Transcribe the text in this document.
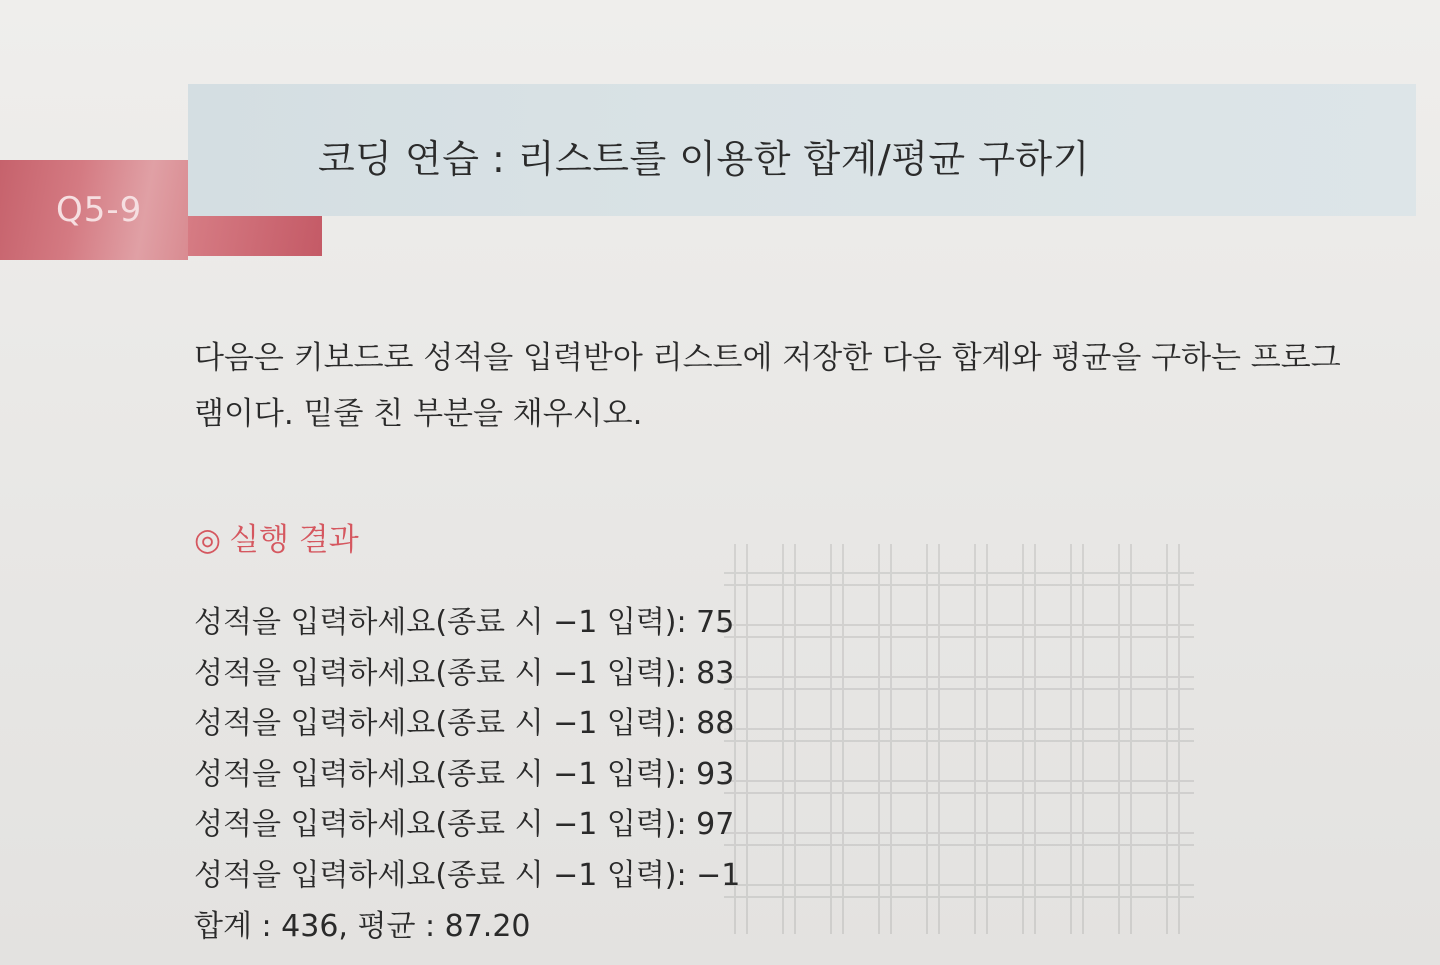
Q5-9
코딩 연습 : 리스트를 이용한 합계/평균 구하기

다음은 키보드로 성적을 입력받아 리스트에 저장한 다음 합계와 평균을 구하는 프로그

램이다. 밑줄 친 부분을 채우시오.

◎ 실행 결과
성적을 입력하세요(종료 시 −1 입력): 75
성적을 입력하세요(종료 시 −1 입력): 83
성적을 입력하세요(종료 시 −1 입력): 88
성적을 입력하세요(종료 시 −1 입력): 93
성적을 입력하세요(종료 시 −1 입력): 97
성적을 입력하세요(종료 시 −1 입력): −1
합계 : 436, 평균 : 87.20
